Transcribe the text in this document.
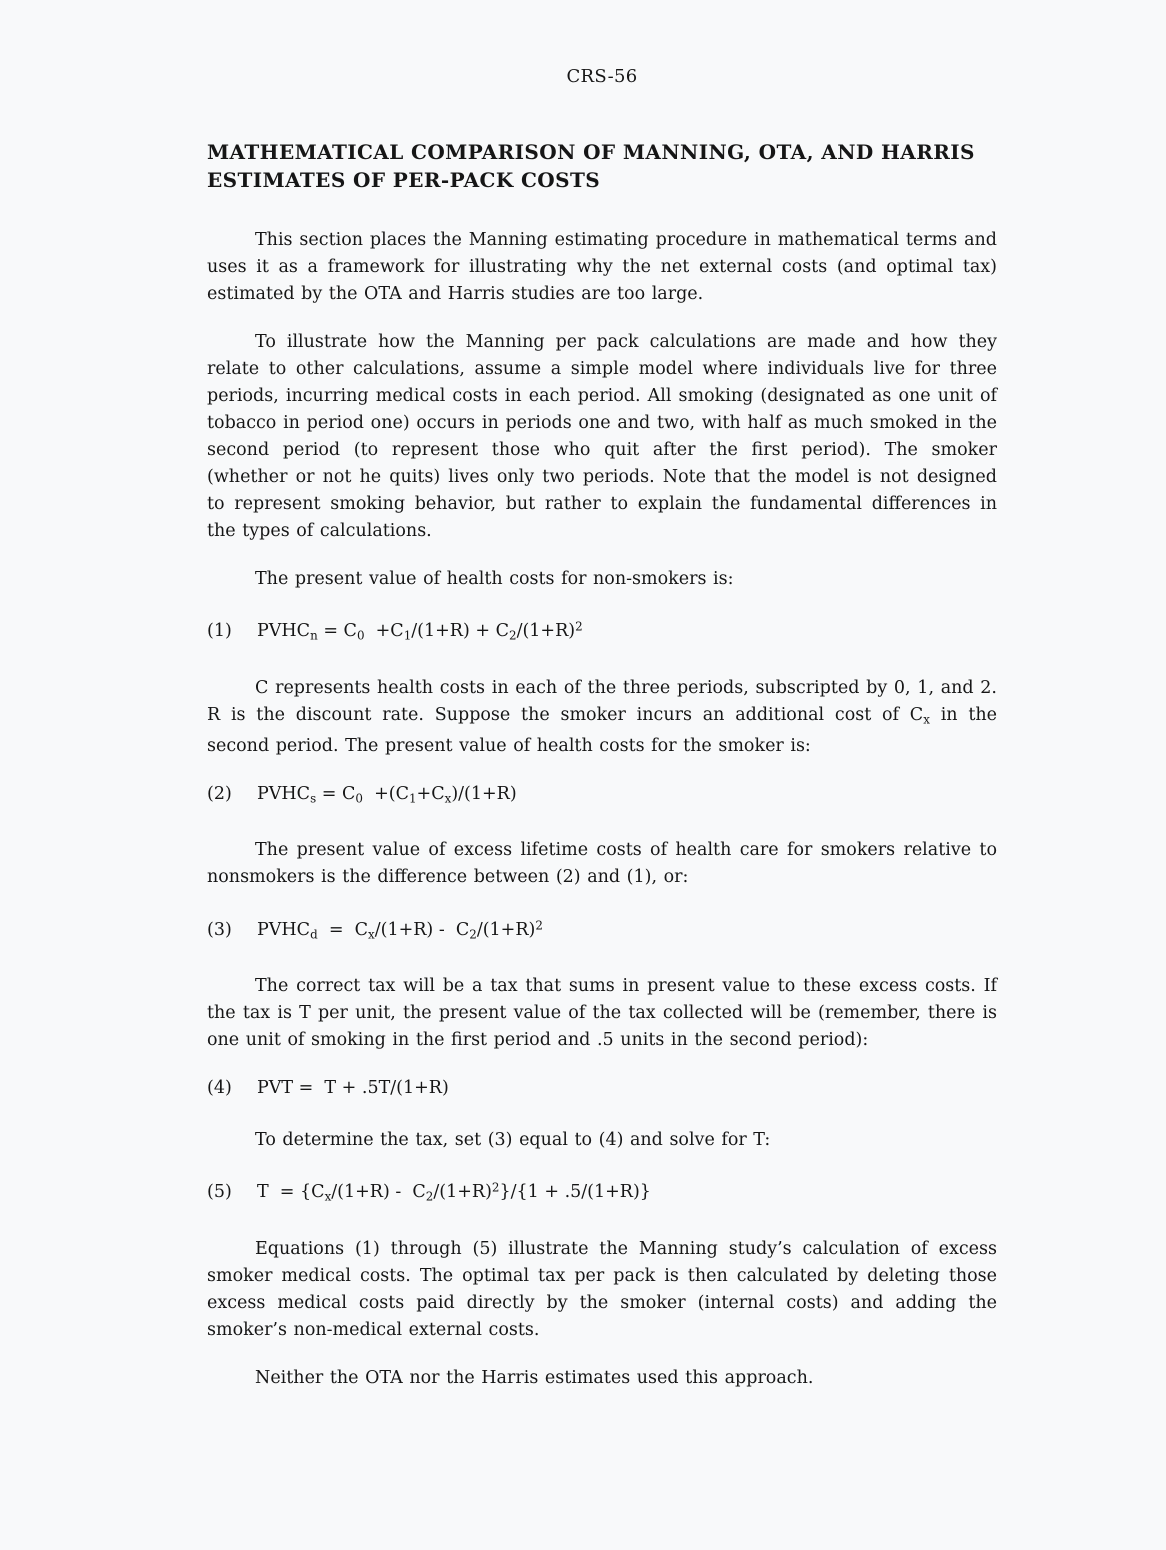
CRS-56
MATHEMATICAL COMPARISON OF MANNING, OTA, AND HARRIS
ESTIMATES OF PER-PACK COSTS

This section places the Manning estimating procedure in mathematical terms and uses it as a framework for illustrating why the net external costs (and optimal tax) estimated by the OTA and Harris studies are too large.

To illustrate how the Manning per pack calculations are made and how they relate to other calculations, assume a simple model where individuals live for three periods, incurring medical costs in each period. All smoking (designated as one unit of tobacco in period one) occurs in periods one and two, with half as much smoked in the second period (to represent those who quit after the first period). The smoker (whether or not he quits) lives only two periods. Note that the model is not designed to represent smoking behavior, but rather to explain the fundamental differences in the types of calculations.

The present value of health costs for non-smokers is:

(1) $PVHC_n = C_0 +C_1/(1+R) + C_2/(1+R)^2$

C represents health costs in each of the three periods, subscripted by 0, 1, and 2. R is the discount rate. Suppose the smoker incurs an additional cost of $C_x$ in the second period. The present value of health costs for the smoker is:

(2) $PVHC_s = C_0 +(C_1+C_x)/(1+R)$

The present value of excess lifetime costs of health care for smokers relative to nonsmokers is the difference between (2) and (1), or:

(3) $PVHC_d = C_x/(1+R) - C_2/(1+R)^2$

The correct tax will be a tax that sums in present value to these excess costs. If the tax is T per unit, the present value of the tax collected will be (remember, there is one unit of smoking in the first period and .5 units in the second period):

(4) PVT =  T + .5T/(1+R)

To determine the tax, set (3) equal to (4) and solve for T:

(5) $T = \{C_x/(1+R) - C_2/(1+R)^2\}/\{1 + .5/(1+R)\}$

Equations (1) through (5) illustrate the Manning study’s calculation of excess smoker medical costs. The optimal tax per pack is then calculated by deleting those excess medical costs paid directly by the smoker (internal costs) and adding the smoker’s non-medical external costs.

Neither the OTA nor the Harris estimates used this approach.
